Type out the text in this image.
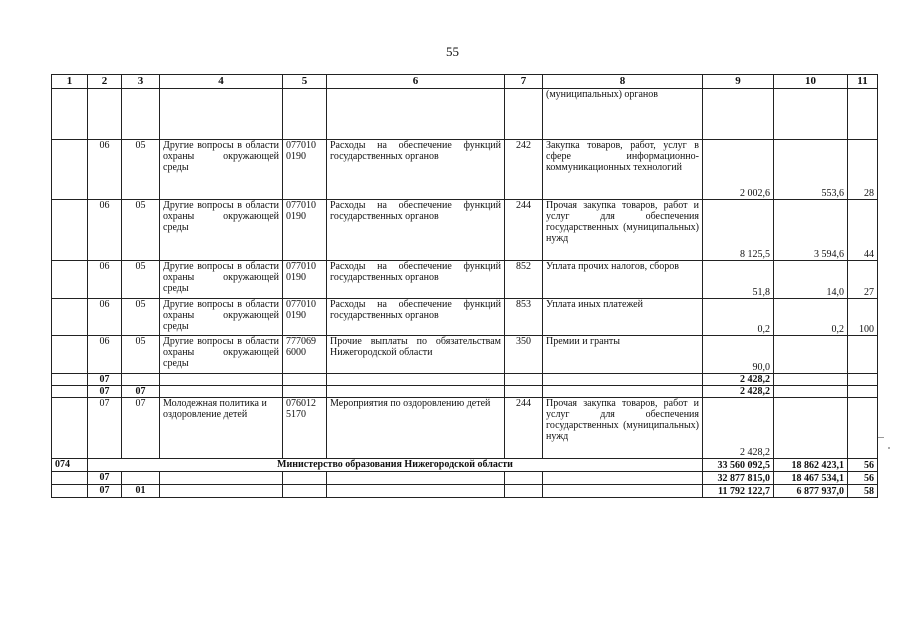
55
1	2	3	4	5	6	7	8	9	10	11
							(муниципальных) органов			
	06	05	Другие вопросы в области охраны окружающей среды	077010 0190	Расходы на обеспечение функций государственных органов	242	Закупка товаров, работ, услуг в сфере информационно-коммуникационных технологий	2 002,6	553,6	28
	06	05	Другие вопросы в области охраны окружающей среды	077010 0190	Расходы на обеспечение функций государственных органов	244	Прочая закупка товаров, работ и услуг для обеспечения государственных (муниципальных) нужд	8 125,5	3 594,6	44
	06	05	Другие вопросы в области охраны окружающей среды	077010 0190	Расходы на обеспечение функций государственных органов	852	Уплата прочих налогов, сборов	51,8	14,0	27
	06	05	Другие вопросы в области охраны окружающей среды	077010 0190	Расходы на обеспечение функций государственных органов	853	Уплата иных платежей	0,2	0,2	100
	06	05	Другие вопросы в области охраны окружающей среды	777069 6000	Прочие выплаты по обязательствам Нижегородской области	350	Премии и гранты	90,0		
	07							2 428,2		
	07	07						2 428,2		
	07	07	Молодежная политика и оздоровление детей	076012 5170	Мероприятия по оздоровлению детей	244	Прочая закупка товаров, работ и услуг для обеспечения государственных (муниципальных) нужд	2 428,2		
074	Министерство образования Нижегородской области							33 560 092,5	18 862 423,1	56
	07							32 877 815,0	18 467 534,1	56
	07	01						11 792 122,7	6 877 937,0	58
